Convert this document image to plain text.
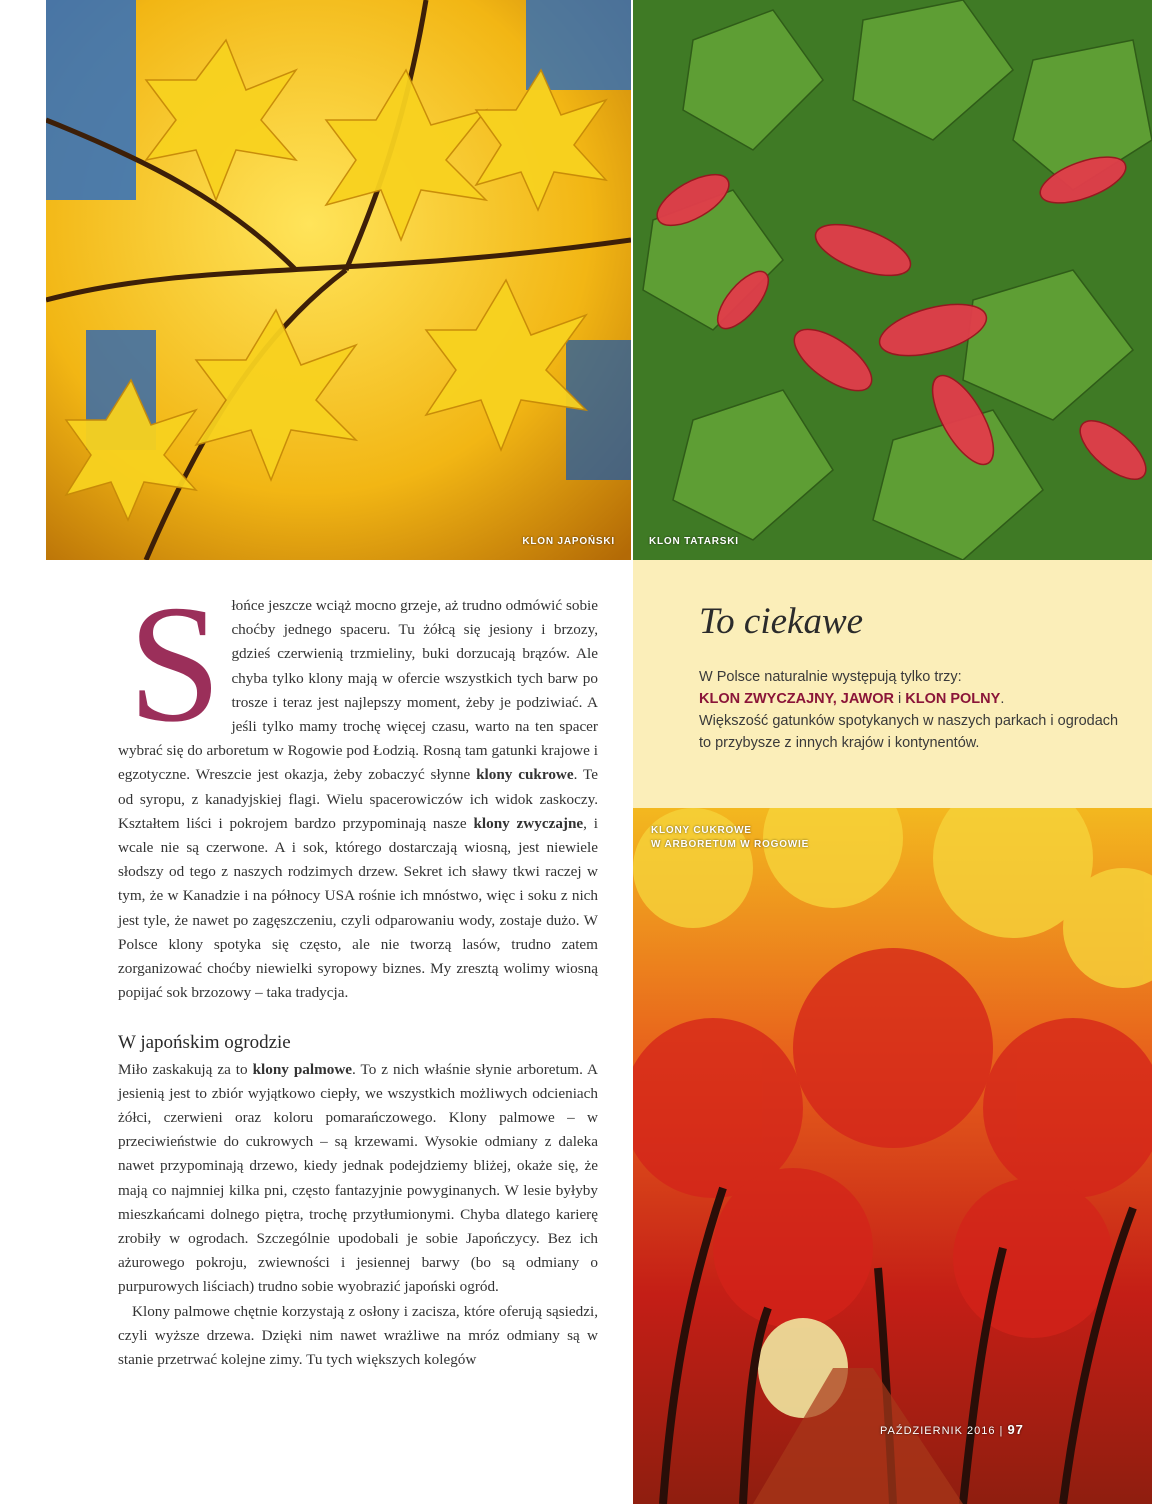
KLON JAPOŃSKI	KLON TATARSKI
To ciekawe
W Polsce naturalnie występują tylko trzy:
KLON ZWYCZAJNY, JAWOR i KLON POLNY.
Większość gatunków spotykanych w naszych parkach i ogrodach to przybysze z innych krajów i kontynentów.
KLONY CUKROWE
W ARBORETUM W ROGOWIE

Słońce jeszcze wciąż mocno grzeje, aż trudno odmówić sobie choćby jednego spaceru. Tu żółcą się jesiony i brzozy, gdzieś czerwienią trzmieliny, buki dorzucają brązów. Ale chyba tylko klony mają w ofercie wszystkich tych barw po trosze i teraz jest najlepszy moment, żeby je podziwiać. A jeśli tylko mamy trochę więcej czasu, warto na ten spacer wybrać się do arboretum w Rogowie pod Łodzią. Rosną tam gatunki krajowe i egzotyczne. Wreszcie jest okazja, żeby zobaczyć słynne klony cukrowe. Te od syropu, z kanadyjskiej flagi. Wielu spacerowiczów ich widok zaskoczy. Kształtem liści i pokrojem bardzo przypominają nasze klony zwyczajne, i wcale nie są czerwone. A i sok, którego dostarczają wiosną, jest niewiele słodszy od tego z naszych rodzimych drzew. Sekret ich sławy tkwi raczej w tym, że w Kanadzie i na północy USA rośnie ich mnóstwo, więc i soku z nich jest tyle, że nawet po zagęszczeniu, czyli odparowaniu wody, zostaje dużo. W Polsce klony spotyka się często, ale nie tworzą lasów, trudno zatem zorganizować choćby niewielki syropowy biznes. My zresztą wolimy wiosną popijać sok brzozowy – taka tradycja.

W japońskim ogrodzie

Miło zaskakują za to klony palmowe. To z nich właśnie słynie arboretum. A jesienią jest to zbiór wyjątkowo ciepły, we wszystkich możliwych odcieniach żółci, czerwieni oraz koloru pomarańczowego. Klony palmowe – w przeciwieństwie do cukrowych – są krzewami. Wysokie odmiany z daleka nawet przypominają drzewo, kiedy jednak podejdziemy bliżej, okaże się, że mają co najmniej kilka pni, często fantazyjnie powyginanych. W lesie byłyby mieszkańcami dolnego piętra, trochę przytłumionymi. Chyba dlatego karierę zrobiły w ogrodach. Szczególnie upodobali je sobie Japończycy. Bez ich ażurowego pokroju, zwiewności i jesiennej barwy (bo są odmiany o purpurowych liściach) trudno sobie wyobrazić japoński ogród.

Klony palmowe chętnie korzystają z osłony i zacisza, które oferują sąsiedzi, czyli wyższe drzewa. Dzięki nim nawet wrażliwe na mróz odmiany są w stanie przetrwać kolejne zimy. Tu tych większych kolegów

PAŹDZIERNIK 2016 | 97
